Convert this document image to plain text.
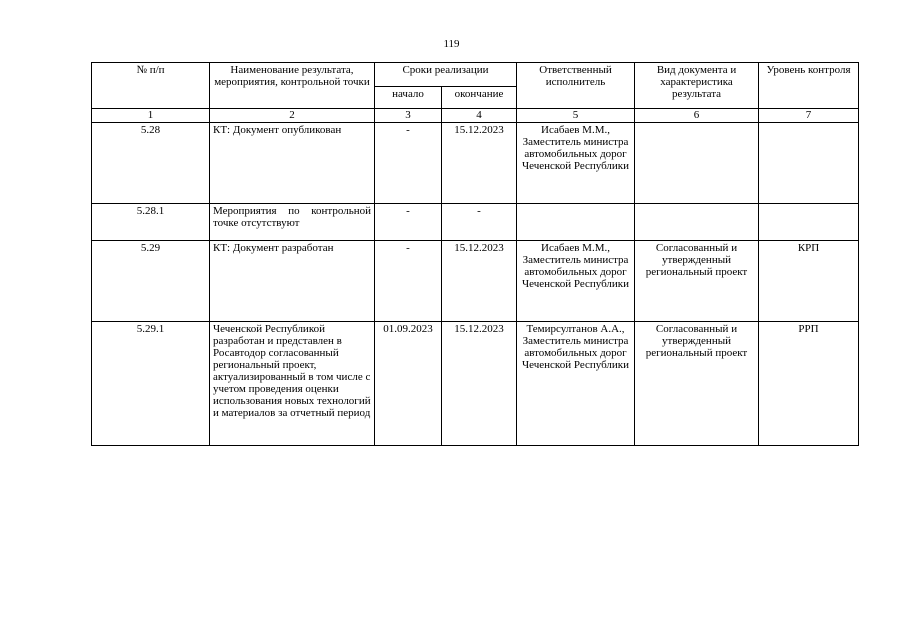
119
№ п/п	Наименование результата, мероприятия, контрольной точки	Сроки реализации		Ответственный исполнитель	Вид документа и характеристика результата	Уровень контроля
		начало	окончание			
1	2	3	4	5	6	7
5.28	КТ: Документ опубликован	-	15.12.2023	Исабаев М.М., Заместитель министра автомобильных дорог Чеченской Республики		
5.28.1	Мероприятия по контрольной точке отсутствуют	-	-			
5.29	КТ: Документ разработан	-	15.12.2023	Исабаев М.М., Заместитель министра автомобильных дорог Чеченской Республики	Согласованный и утвержденный региональный проект	КРП
5.29.1	Чеченской Республикой разработан и представлен в Росавтодор согласованный региональный проект, актуализированный в том числе с учетом проведения оценки использования новых технологий и материалов за отчетный период	01.09.2023	15.12.2023	Темирсултанов А.А., Заместитель министра автомобильных дорог Чеченской Республики	Согласованный и утвержденный региональный проект	РРП
